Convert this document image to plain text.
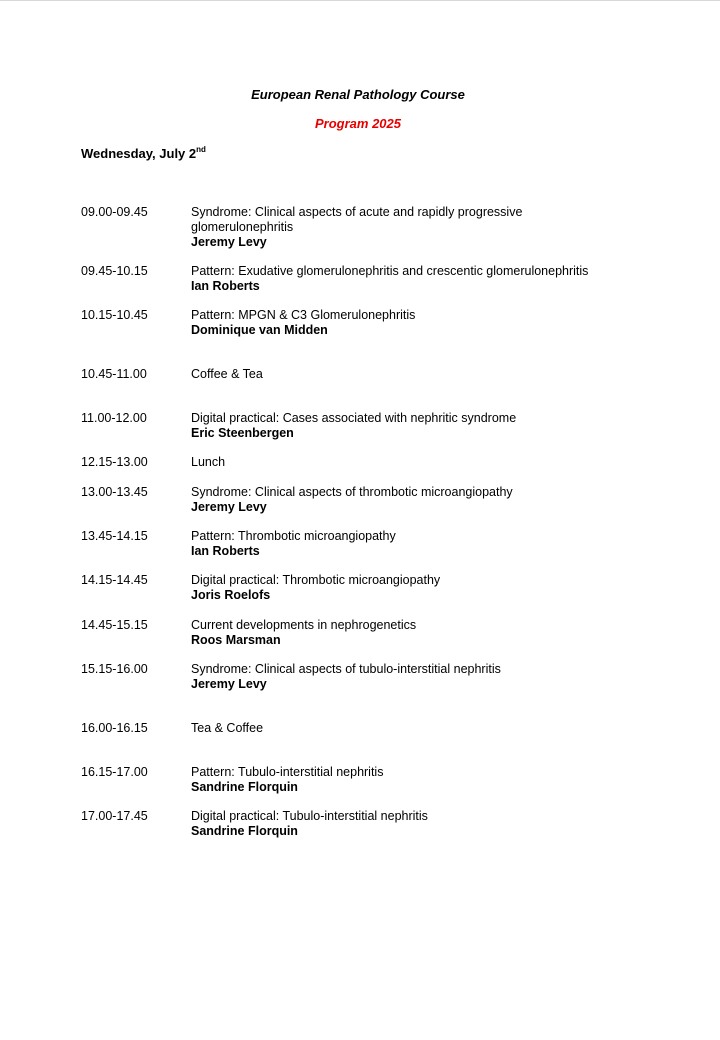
European Renal Pathology Course
Program 2025
Wednesday, July 2nd
09.00-09.45	Syndrome: Clinical aspects of acute and rapidly progressive glomerulonephritis
Jeremy Levy
09.45-10.15	Pattern: Exudative glomerulonephritis and crescentic glomerulonephritis
Ian Roberts
10.15-10.45	Pattern: MPGN & C3 Glomerulonephritis
Dominique van Midden
10.45-11.00	Coffee & Tea
11.00-12.00	Digital practical: Cases associated with nephritic syndrome
Eric Steenbergen
12.15-13.00	Lunch
13.00-13.45	Syndrome: Clinical aspects of thrombotic microangiopathy
Jeremy Levy
13.45-14.15	Pattern: Thrombotic microangiopathy
Ian Roberts
14.15-14.45	Digital practical: Thrombotic microangiopathy
Joris Roelofs
14.45-15.15	Current developments in nephrogenetics
Roos Marsman
15.15-16.00	Syndrome: Clinical aspects of tubulo-interstitial nephritis
Jeremy Levy
16.00-16.15	Tea & Coffee
16.15-17.00	Pattern: Tubulo-interstitial nephritis
Sandrine Florquin
17.00-17.45	Digital practical: Tubulo-interstitial nephritis
Sandrine Florquin
